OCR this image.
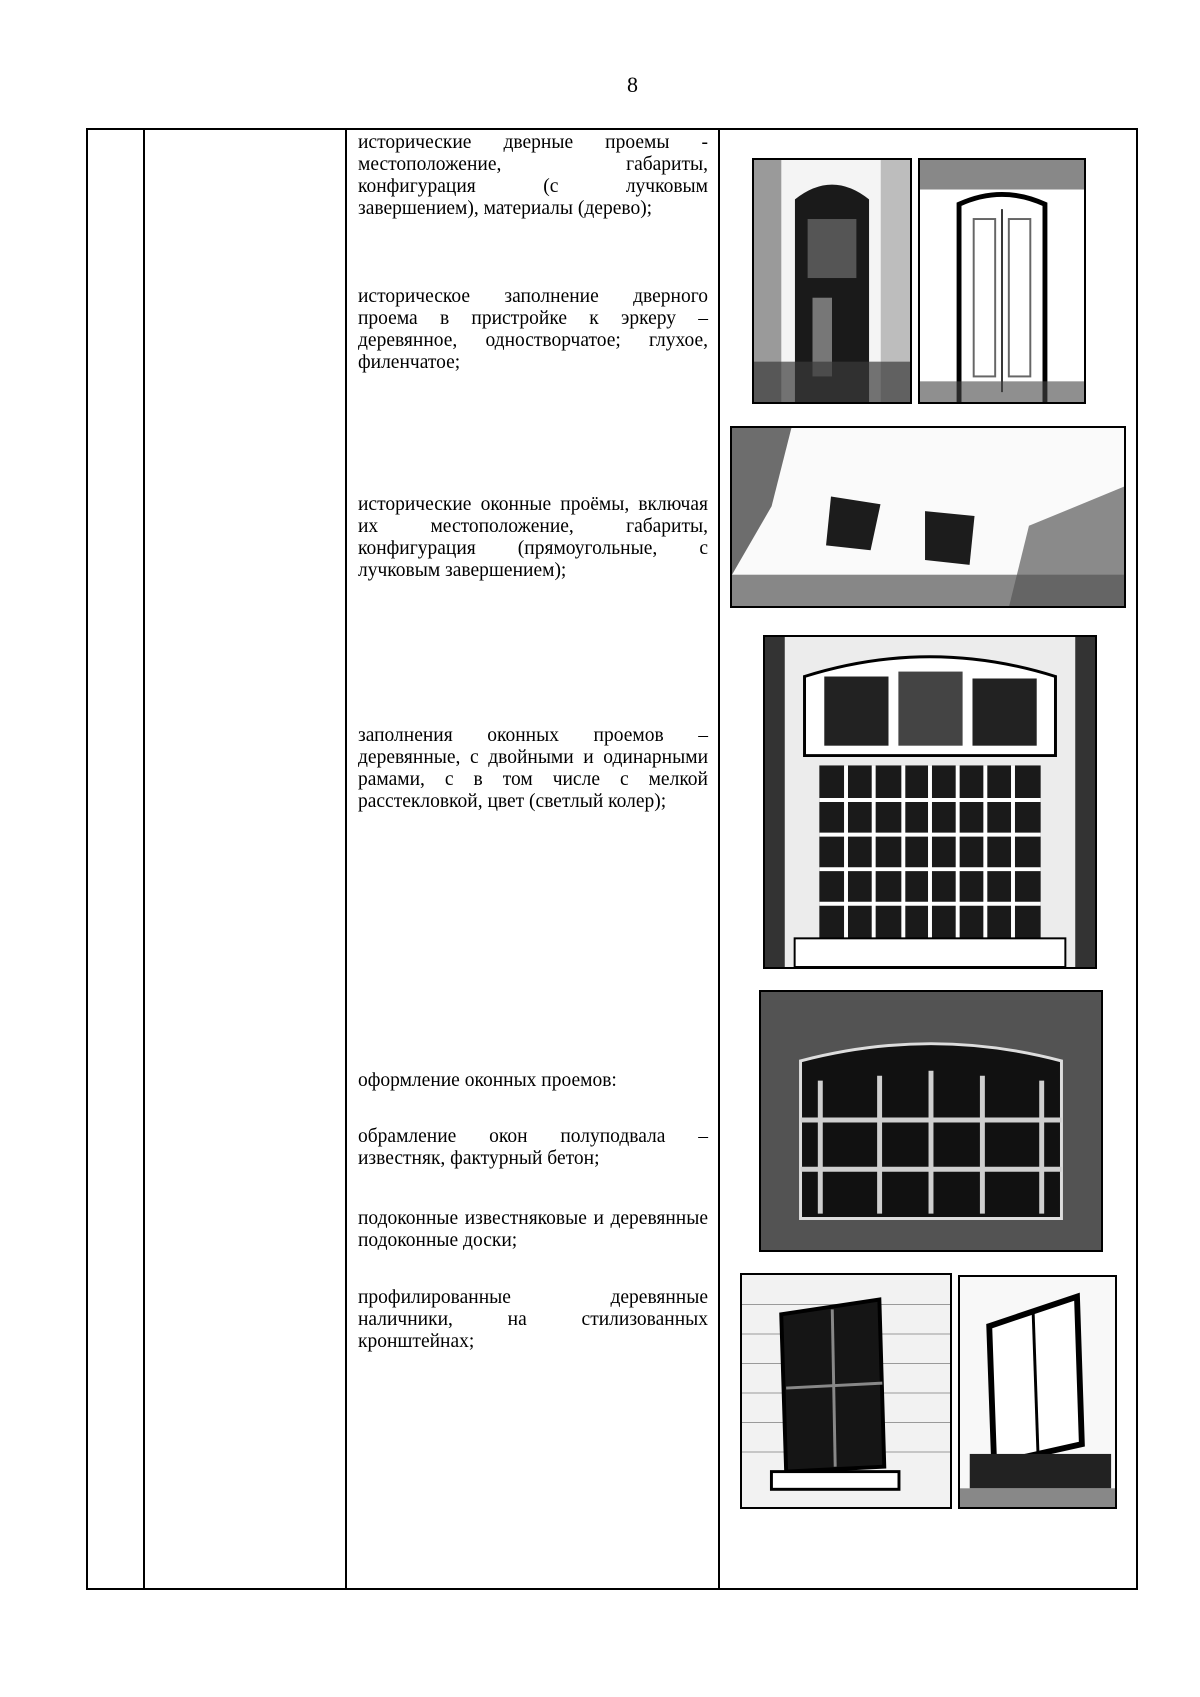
8

исторические дверные проемы - местоположение, габариты, конфигурация (с лучковым завершением), материалы (дерево);

историческое заполнение дверного проема в пристройке к эркеру – деревянное, одностворчатое; глухое, филенчатое;

исторические оконные проёмы, включая их местоположение, габариты, конфигурация (прямоугольные, с лучковым завершением);

заполнения оконных проемов – деревянные, с двойными и одинарными рамами, с в том числе с мелкой расстекловкой, цвет (светлый колер);

оформление оконных проемов:

обрамление окон полуподвала – известняк, фактурный бетон;

подоконные известняковые и деревянные подоконные доски;

профилированные деревянные наличники, на стилизованных кронштейнах;
